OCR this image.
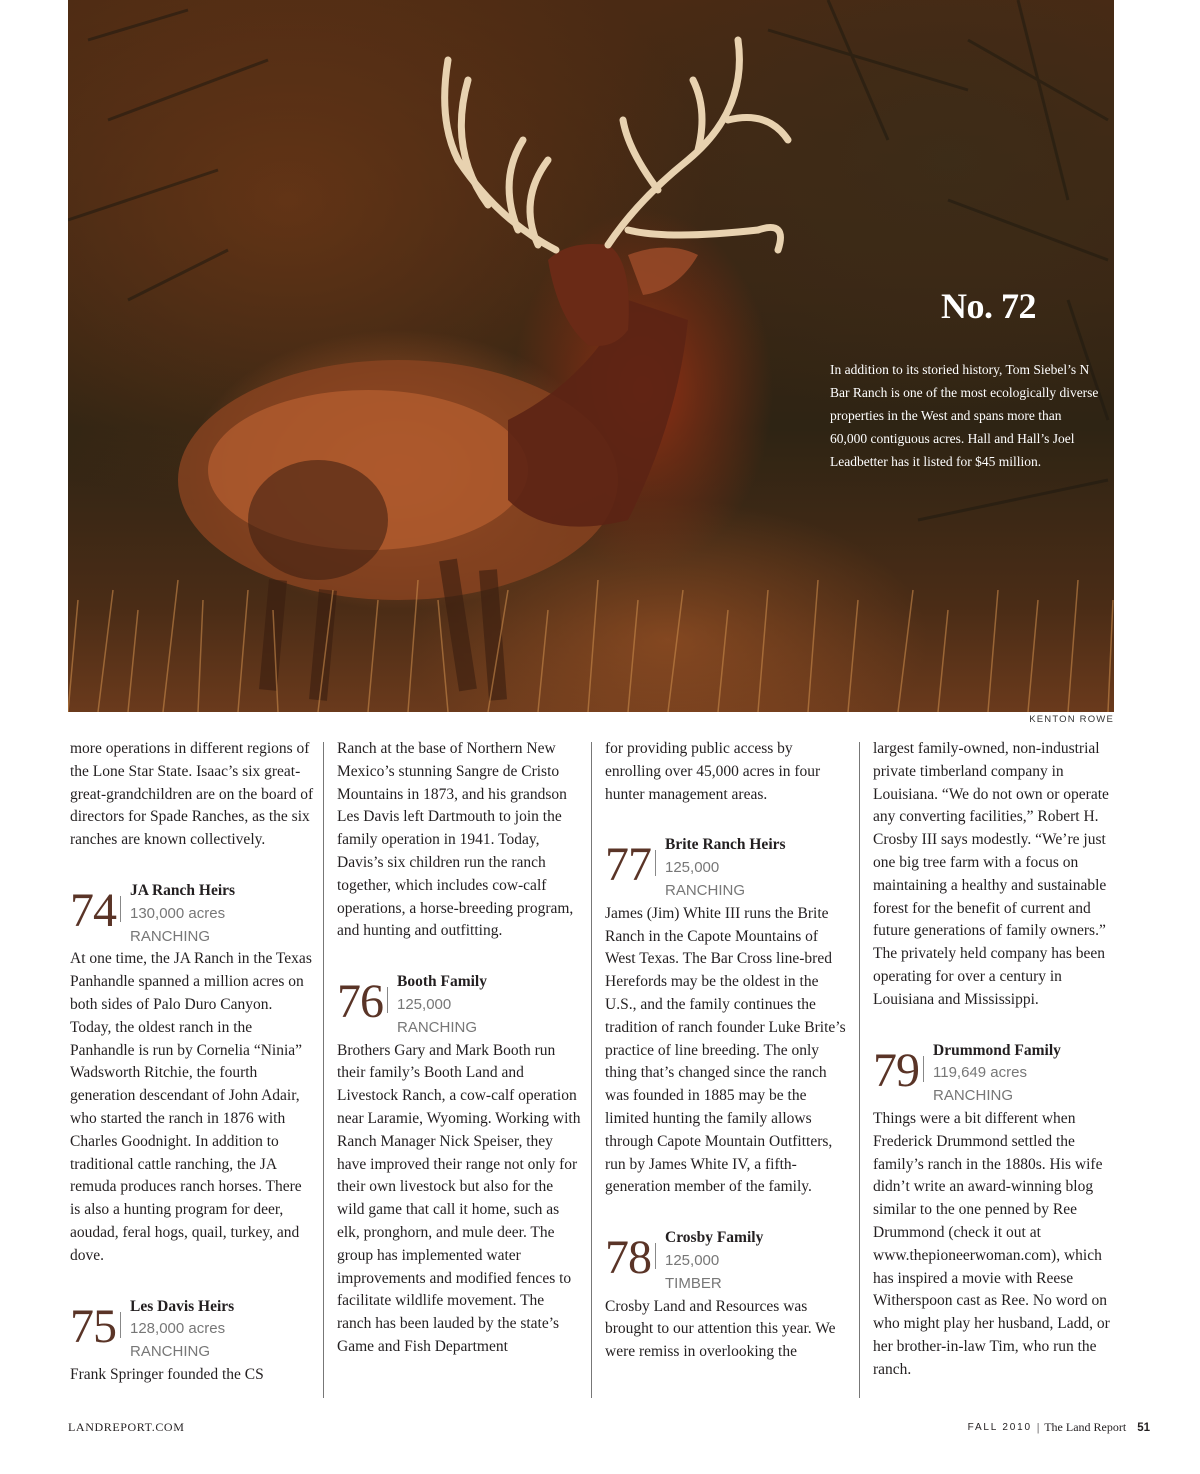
No. 72
In addition to its storied history, Tom Siebel’s N Bar Ranch is one of the most ecologically diverse properties in the West and spans more than 60,000 contiguous acres. Hall and Hall’s Joel Leadbetter has it listed for $45 million.
KENTON ROWE

more operations in different regions of the Lone Star State. Isaac’s six great-great-grandchildren are on the board of directors for Spade Ranches, as the six ranches are known collectively.

74 JA Ranch Heirs
130,000 acres
RANCHING

At one time, the JA Ranch in the Texas Panhandle spanned a million acres on both sides of Palo Duro Canyon. Today, the oldest ranch in the Panhandle is run by Cornelia “Ninia” Wadsworth Ritchie, the fourth generation descendant of John Adair, who started the ranch in 1876 with Charles Goodnight. In addition to traditional cattle ranching, the JA remuda produces ranch horses. There is also a hunting program for deer, aoudad, feral hogs, quail, turkey, and dove.

75 Les Davis Heirs
128,000 acres
RANCHING

Frank Springer founded the CS

Ranch at the base of Northern New Mexico’s stunning Sangre de Cristo Mountains in 1873, and his grandson Les Davis left Dartmouth to join the family operation in 1941. Today, Davis’s six children run the ranch together, which includes cow-calf operations, a horse-breeding program, and hunting and outfitting.

76 Booth Family
125,000
RANCHING

Brothers Gary and Mark Booth run their family’s Booth Land and Livestock Ranch, a cow-calf operation near Laramie, Wyoming. Working with Ranch Manager Nick Speiser, they have improved their range not only for their own livestock but also for the wild game that call it home, such as elk, pronghorn, and mule deer. The group has implemented water improvements and modified fences to facilitate wildlife movement. The ranch has been lauded by the state’s Game and Fish Department

for providing public access by enrolling over 45,000 acres in four hunter management areas.

77 Brite Ranch Heirs
125,000
RANCHING

James (Jim) White III runs the Brite Ranch in the Capote Mountains of West Texas. The Bar Cross line-bred Herefords may be the oldest in the U.S., and the family continues the tradition of ranch founder Luke Brite’s practice of line breeding. The only thing that’s changed since the ranch was founded in 1885 may be the limited hunting the family allows through Capote Mountain Outfitters, run by James White IV, a fifth-generation member of the family.

78 Crosby Family
125,000
TIMBER

Crosby Land and Resources was brought to our attention this year. We were remiss in overlooking the

largest family-owned, non-industrial private timberland company in Louisiana. “We do not own or operate any converting facilities,” Robert H. Crosby III says modestly. “We’re just one big tree farm with a focus on maintaining a healthy and sustainable forest for the benefit of current and future generations of family owners.” The privately held company has been operating for over a century in Louisiana and Mississippi.

79 Drummond Family
119,649 acres
RANCHING

Things were a bit different when Frederick Drummond settled the family’s ranch in the 1880s. His wife didn’t write an award-winning blog similar to the one penned by Ree Drummond (check it out at www.thepioneerwoman.com), which has inspired a movie with Reese Witherspoon cast as Ree. No word on who might play her husband, Ladd, or her brother-in-law Tim, who run the ranch.

LANDREPORT.COM	FALL 2010 | The Land Report 51
